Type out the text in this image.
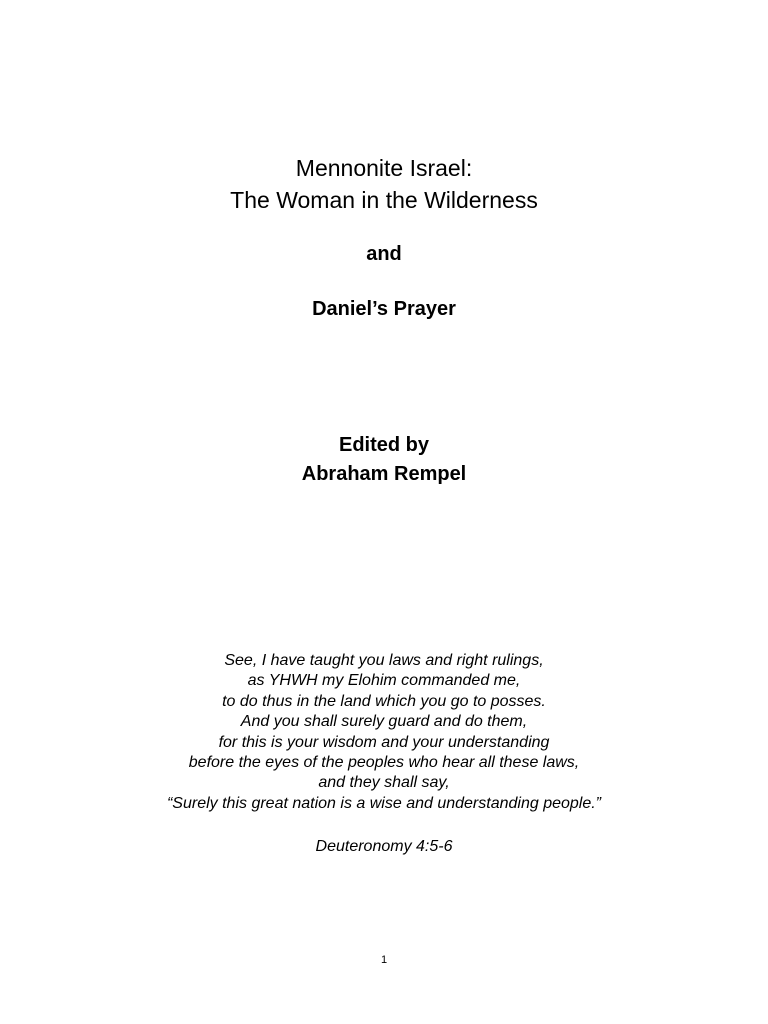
Mennonite Israel:
The Woman in the Wilderness
and
Daniel’s Prayer
Edited by
Abraham Rempel
See, I have taught you laws and right rulings,
as YHWH my Elohim commanded me,
to do thus in the land which you go to posses.
And you shall surely guard and do them,
for this is your wisdom and your understanding
before the eyes of the peoples who hear all these laws,
and they shall say,
“Surely this great nation is a wise and understanding people.”
Deuteronomy 4:5-6
1
